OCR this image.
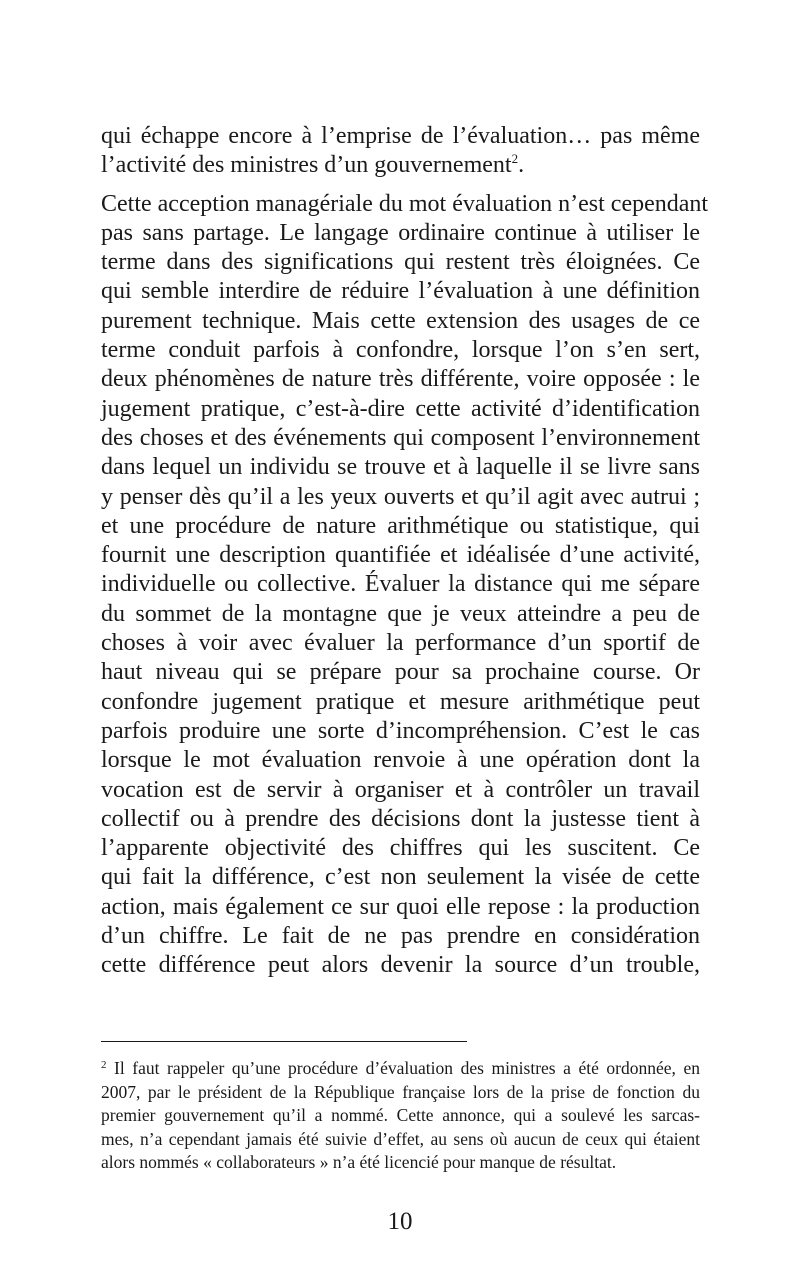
qui échappe encore à l’emprise de l’évaluation… pas même
l’activité des ministres d’un gouvernement$^2$.
Cette acception managériale du mot évaluation n’est cependant
pas sans partage. Le langage ordinaire continue à utiliser le
terme dans des significations qui restent très éloignées. Ce
qui semble interdire de réduire l’évaluation à une définition
purement technique. Mais cette extension des usages de ce
terme conduit parfois à confondre, lorsque l’on s’en sert,
deux phénomènes de nature très différente, voire opposée : le
jugement pratique, c’est-à-dire cette activité d’identification
des choses et des événements qui composent l’environnement
dans lequel un individu se trouve et à laquelle il se livre sans
y penser dès qu’il a les yeux ouverts et qu’il agit avec autrui ;
et une procédure de nature arithmétique ou statistique, qui
fournit une description quantifiée et idéalisée d’une activité,
individuelle ou collective. Évaluer la distance qui me sépare
du sommet de la montagne que je veux atteindre a peu de
choses à voir avec évaluer la performance d’un sportif de
haut niveau qui se prépare pour sa prochaine course. Or
confondre jugement pratique et mesure arithmétique peut
parfois produire une sorte d’incompréhension. C’est le cas
lorsque le mot évaluation renvoie à une opération dont la
vocation est de servir à organiser et à contrôler un travail
collectif ou à prendre des décisions dont la justesse tient à
l’apparente objectivité des chiffres qui les suscitent. Ce
qui fait la différence, c’est non seulement la visée de cette
action, mais également ce sur quoi elle repose : la production
d’un chiffre. Le fait de ne pas prendre en considération
cette différence peut alors devenir la source d’un trouble,
$^2$ Il faut rappeler qu’une procédure d’évaluation des ministres a été ordonnée, en
2007, par le président de la République française lors de la prise de fonction du
premier gouvernement qu’il a nommé. Cette annonce, qui a soulevé les sarcas-
mes, n’a cependant jamais été suivie d’effet, au sens où aucun de ceux qui étaient
alors nommés « collaborateurs » n’a été licencié pour manque de résultat.
10
